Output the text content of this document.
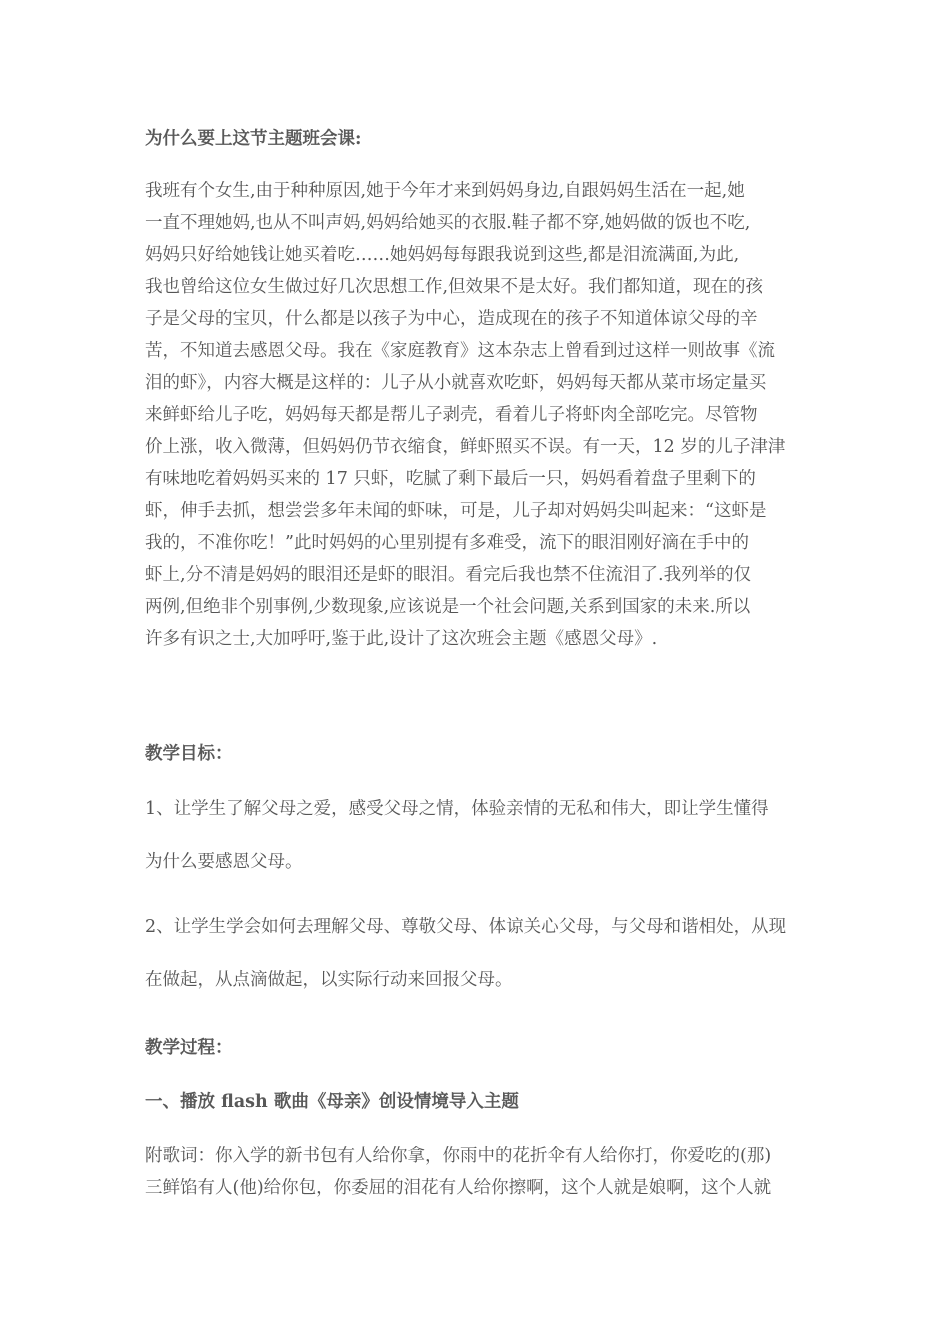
为什么要上这节主题班会课:

我班有个女生,由于种种原因,她于今年才来到妈妈身边,自跟妈妈生活在一起,她
一直不理她妈,也从不叫声妈,妈妈给她买的衣服.鞋子都不穿,她妈做的饭也不吃,
妈妈只好给她钱让她买着吃……她妈妈每每跟我说到这些,都是泪流满面,为此,
我也曾给这位女生做过好几次思想工作,但效果不是太好。我们都知道，现在的孩
子是父母的宝贝，什么都是以孩子为中心，造成现在的孩子不知道体谅父母的辛
苦，不知道去感恩父母。我在《家庭教育》这本杂志上曾看到过这样一则故事《流
泪的虾》，内容大概是这样的：儿子从小就喜欢吃虾，妈妈每天都从菜市场定量买
来鲜虾给儿子吃，妈妈每天都是帮儿子剥壳，看着儿子将虾肉全部吃完。尽管物
价上涨，收入微薄，但妈妈仍节衣缩食，鲜虾照买不误。有一天，12 岁的儿子津津
有味地吃着妈妈买来的 17 只虾，吃腻了剩下最后一只，妈妈看着盘子里剩下的
虾，伸手去抓，想尝尝多年未闻的虾味，可是，儿子却对妈妈尖叫起来：“这虾是
我的，不准你吃！”此时妈妈的心里别提有多难受，流下的眼泪刚好滴在手中的
虾上,分不清是妈妈的眼泪还是虾的眼泪。看完后我也禁不住流泪了.我列举的仅
两例,但绝非个别事例,少数现象,应该说是一个社会问题,关系到国家的未来.所以
许多有识之士,大加呼吁,鉴于此,设计了这次班会主题《感恩父母》.

教学目标：

1、让学生了解父母之爱，感受父母之情，体验亲情的无私和伟大，即让学生懂得

为什么要感恩父母。

2、让学生学会如何去理解父母、尊敬父母、体谅关心父母，与父母和谐相处，从现

在做起，从点滴做起，以实际行动来回报父母。

教学过程：

一、播放 flash 歌曲《母亲》创设情境导入主题

附歌词：你入学的新书包有人给你拿，你雨中的花折伞有人给你打，你爱吃的(那)
三鲜馅有人(他)给你包，你委屈的泪花有人给你擦啊，这个人就是娘啊，这个人就
